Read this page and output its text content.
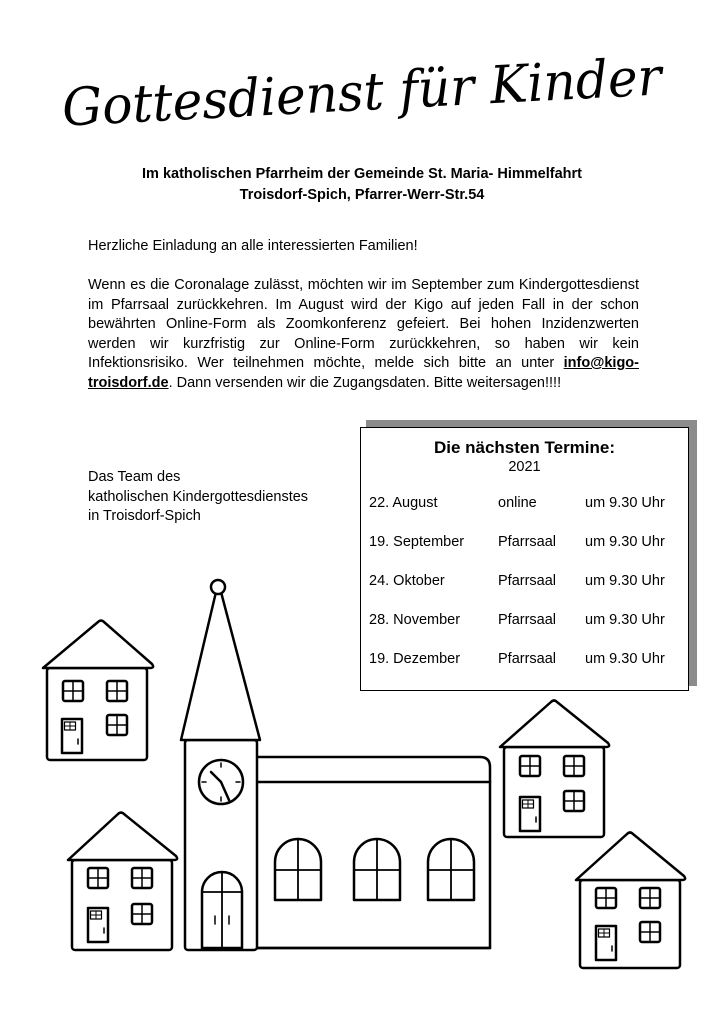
Gottesdienst für Kinder
Im katholischen Pfarrheim der Gemeinde St. Maria- Himmelfahrt
Troisdorf-Spich, Pfarrer-Werr-Str.54
Herzliche Einladung an alle interessierten Familien!
Wenn es die Coronalage zulässt, möchten wir im September zum Kindergottesdienst im Pfarrsaal zurückkehren. Im August wird der Kigo auf jeden Fall in der schon bewährten Online-Form als Zoomkonferenz gefeiert. Bei hohen Inzidenzwerten werden wir kurzfristig zur Online-Form zurückkehren, so haben wir kein Infektionsrisiko. Wer teilnehmen möchte, melde sich bitte an unter info@kigo-troisdorf.de. Dann versenden wir die Zugangsdaten. Bitte weitersagen!!!!
Das Team des
katholischen Kindergottesdienstes
in Troisdorf-Spich
Die nächsten Termine:
2021
22. August	online	um 9.30 Uhr
19. September Pfarrsaal um 9.30 Uhr
24. Oktober	Pfarrsaal um 9.30 Uhr
28. November	Pfarrsaal um 9.30 Uhr
19. Dezember	Pfarrsaal um 9.30 Uhr
